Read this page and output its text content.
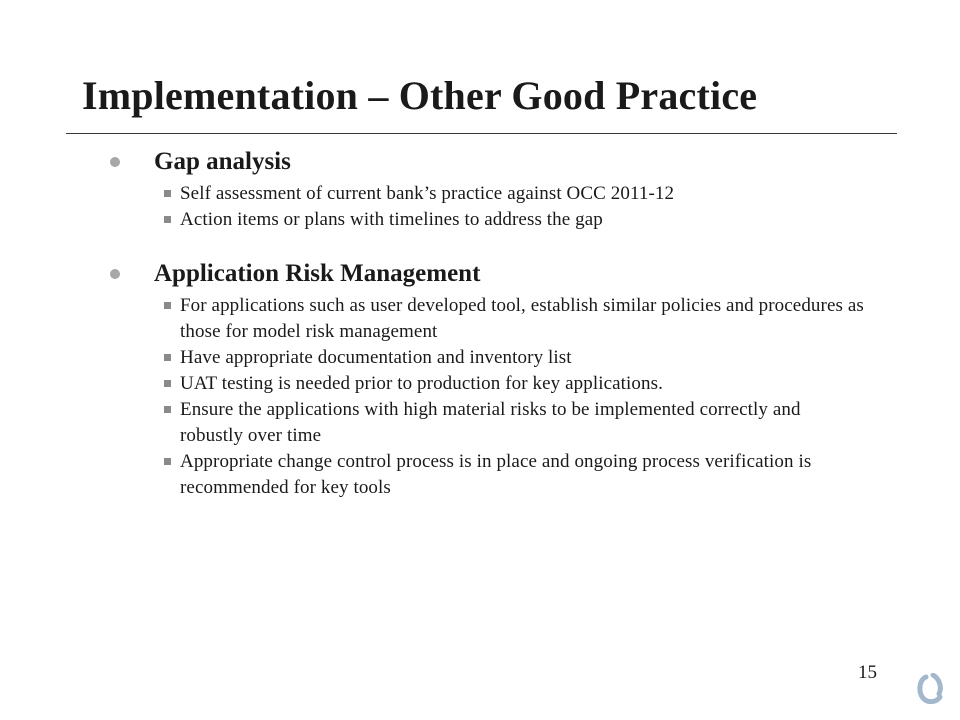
Implementation – Other Good Practice
Gap analysis
Self assessment of current bank’s practice against OCC 2011-12
Action items or plans with timelines to address the gap
Application Risk Management
For applications such as user developed tool, establish similar policies and procedures as those for model risk management
Have appropriate documentation and inventory list
UAT testing is needed prior to production for key applications.
Ensure the applications with high material risks to be implemented correctly and robustly over time
Appropriate change control process is in place and ongoing process verification is recommended for key tools
15
